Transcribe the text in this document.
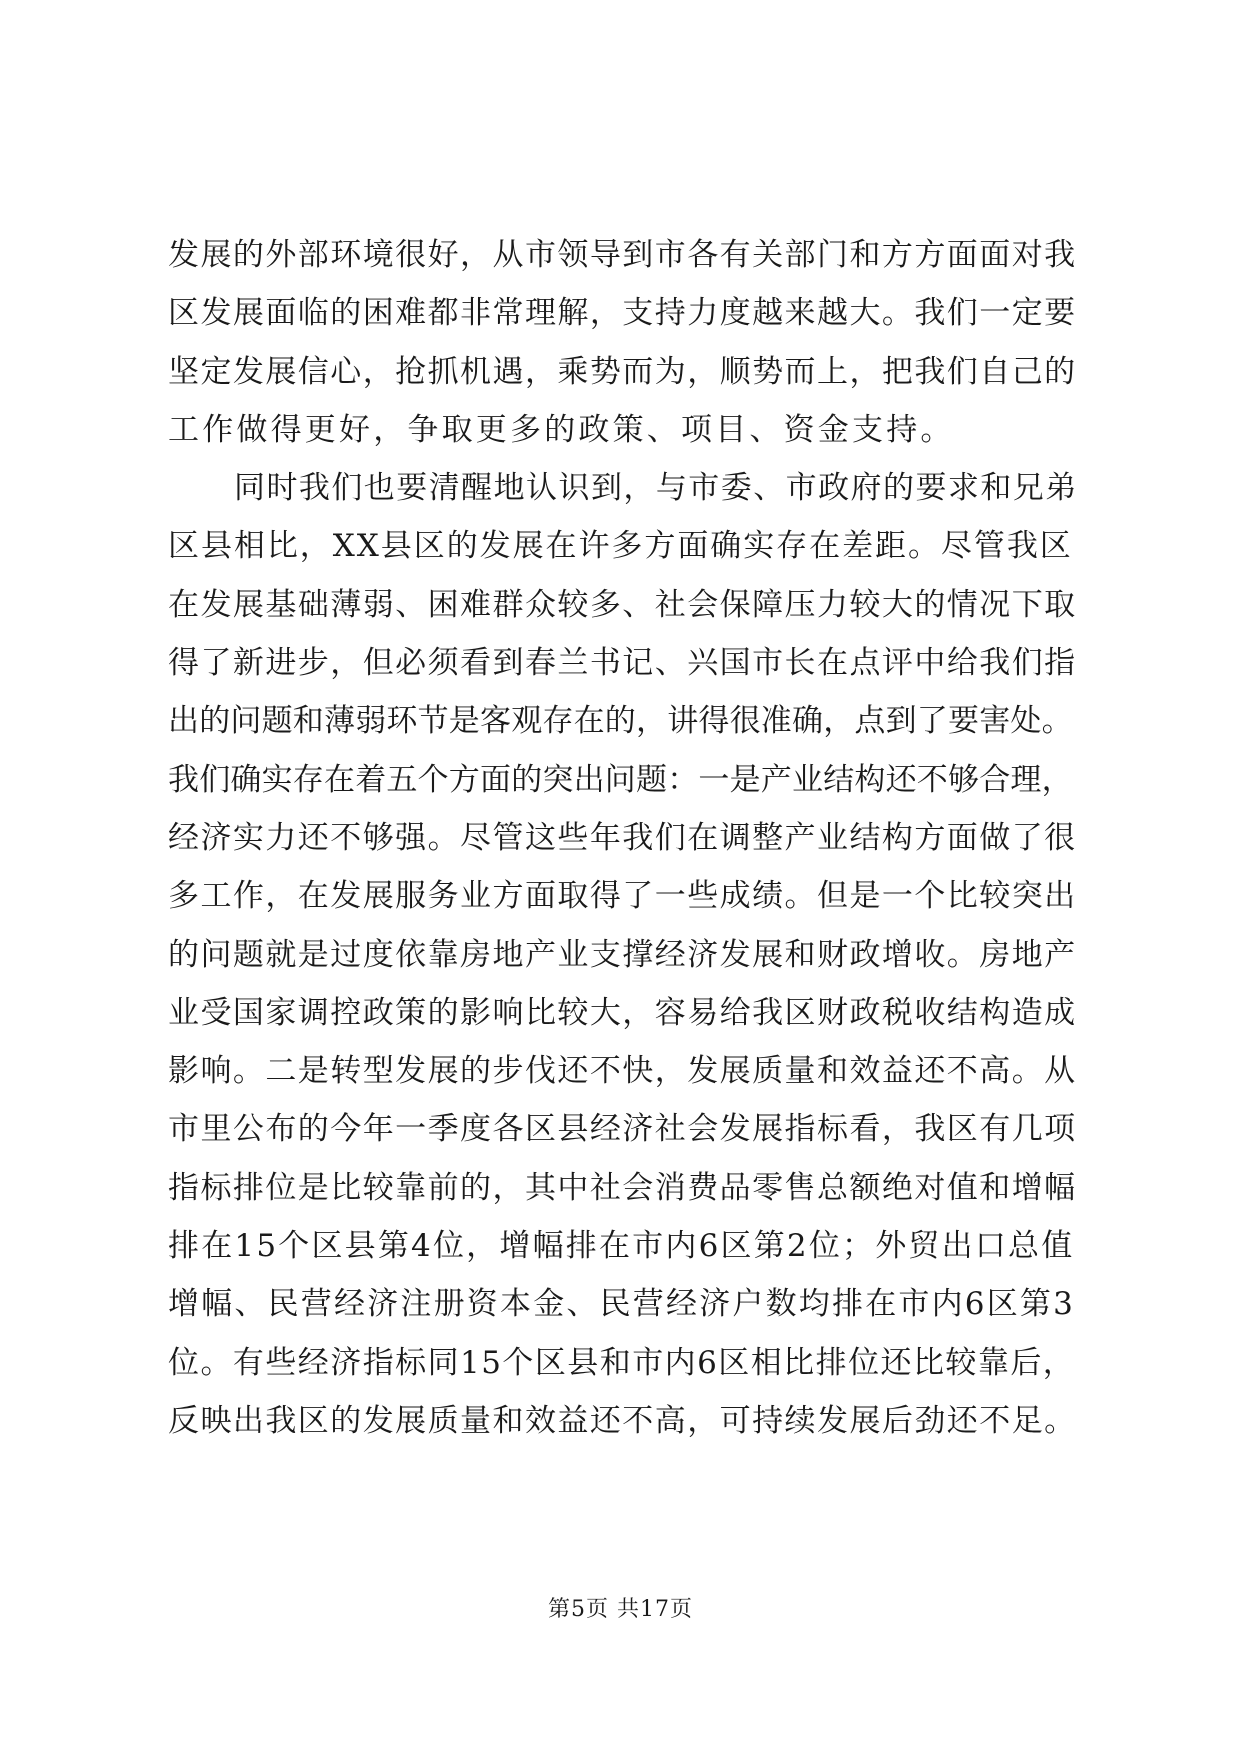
发展的外部环境很好，从市领导到市各有关部门和方方面面对我
区发展面临的困难都非常理解，支持力度越来越大。我们一定要
坚定发展信心，抢抓机遇，乘势而为，顺势而上，把我们自己的
工作做得更好，争取更多的政策、项目、资金支持。
同时我们也要清醒地认识到，与市委、市政府的要求和兄弟
区县相比，XX县区的发展在许多方面确实存在差距。尽管我区
在发展基础薄弱、困难群众较多、社会保障压力较大的情况下取
得了新进步，但必须看到春兰书记、兴国市长在点评中给我们指
出的问题和薄弱环节是客观存在的，讲得很准确，点到了要害处。
我们确实存在着五个方面的突出问题：一是产业结构还不够合理，
经济实力还不够强。尽管这些年我们在调整产业结构方面做了很
多工作，在发展服务业方面取得了一些成绩。但是一个比较突出
的问题就是过度依靠房地产业支撑经济发展和财政增收。房地产
业受国家调控政策的影响比较大，容易给我区财政税收结构造成
影响。二是转型发展的步伐还不快，发展质量和效益还不高。从
市里公布的今年一季度各区县经济社会发展指标看，我区有几项
指标排位是比较靠前的，其中社会消费品零售总额绝对值和增幅
排在15个区县第4位，增幅排在市内6区第2位；外贸出口总值
增幅、民营经济注册资本金、民营经济户数均排在市内6区第3
位。有些经济指标同15个区县和市内6区相比排位还比较靠后，
反映出我区的发展质量和效益还不高，可持续发展后劲还不足。
第5页 共17页
